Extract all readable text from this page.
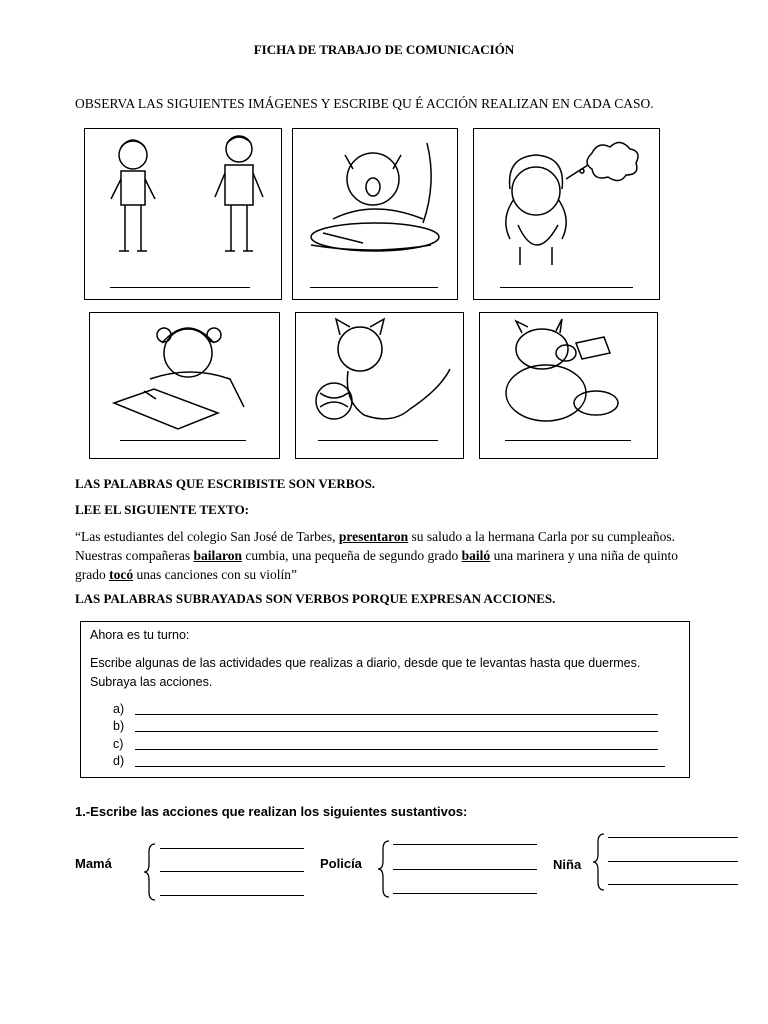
FICHA DE TRABAJO DE COMUNICACIÓN
OBSERVA LAS SIGUIENTES IMÁGENES Y ESCRIBE QU É ACCIÓN REALIZAN EN CADA CASO.
LAS PALABRAS QUE ESCRIBISTE SON VERBOS.
LEE EL SIGUIENTE TEXTO:
“Las estudiantes del colegio San José de Tarbes, presentaron su saludo a la hermana Carla por su cumpleaños. Nuestras compañeras bailaron cumbia, una pequeña de segundo grado bailó una marinera y una niña de quinto grado tocó unas canciones con su violín”
LAS PALABRAS SUBRAYADAS SON VERBOS PORQUE EXPRESAN ACCIONES.
Ahora es tu turno:
Escribe algunas de las actividades que realizas a diario, desde que te levantas hasta que duermes. Subraya las acciones.
a)
b)
c)
d)
1.-Escribe las acciones que realizan los siguientes sustantivos:
Mamá	Policía	Niña
